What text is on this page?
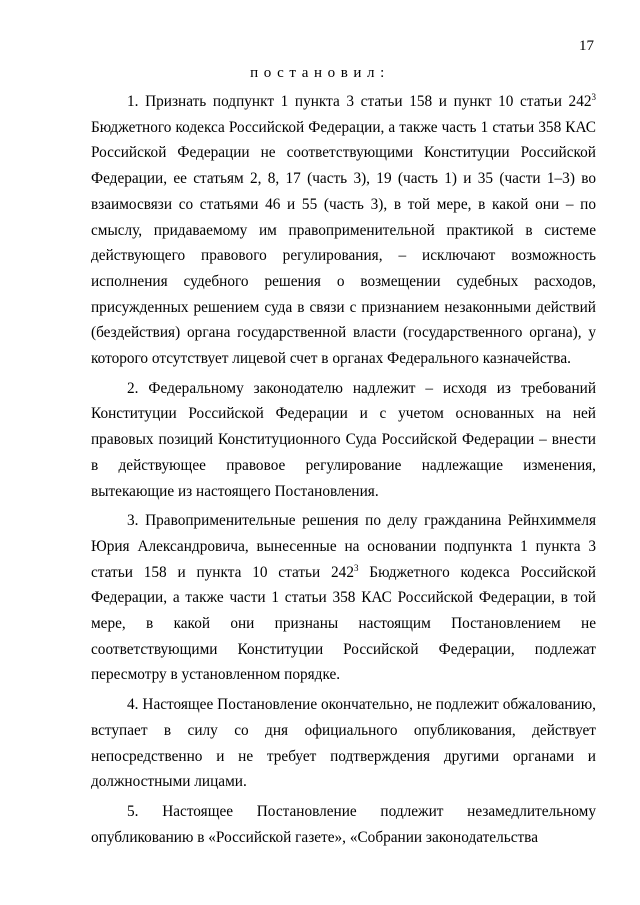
17
постановил:

1. Признать подпункт 1 пункта 3 статьи 158 и пункт 10 статьи $242^3$ Бюджетного кодекса Российской Федерации, а также часть 1 статьи 358 КАС Российской Федерации не соответствующими Конституции Российской Федерации, ее статьям 2, 8, 17 (часть 3), 19 (часть 1) и 35 (части 1–3) во взаимосвязи со статьями 46 и 55 (часть 3), в той мере, в какой они – по смыслу, придаваемому им правоприменительной практикой в системе действующего правового регулирования, – исключают возможность исполнения судебного решения о возмещении судебных расходов, присужденных решением суда в связи с признанием незаконными действий (бездействия) органа государственной власти (государственного органа), у которого отсутствует лицевой счет в органах Федерального казначейства.

2. Федеральному законодателю надлежит – исходя из требований Конституции Российской Федерации и с учетом основанных на ней правовых позиций Конституционного Суда Российской Федерации – внести в действующее правовое регулирование надлежащие изменения, вытекающие из настоящего Постановления.

3. Правоприменительные решения по делу гражданина Рейнхиммеля Юрия Александровича, вынесенные на основании подпункта 1 пункта 3 статьи 158 и пункта 10 статьи $242^3$ Бюджетного кодекса Российской Федерации, а также части 1 статьи 358 КАС Российской Федерации, в той мере, в какой они признаны настоящим Постановлением не соответствующими Конституции Российской Федерации, подлежат пересмотру в установленном порядке.

4. Настоящее Постановление окончательно, не подлежит обжалованию, вступает в силу со дня официального опубликования, действует непосредственно и не требует подтверждения другими органами и должностными лицами.

5. Настоящее Постановление подлежит незамедлительному опубликованию в «Российской газете», «Собрании законодательства
